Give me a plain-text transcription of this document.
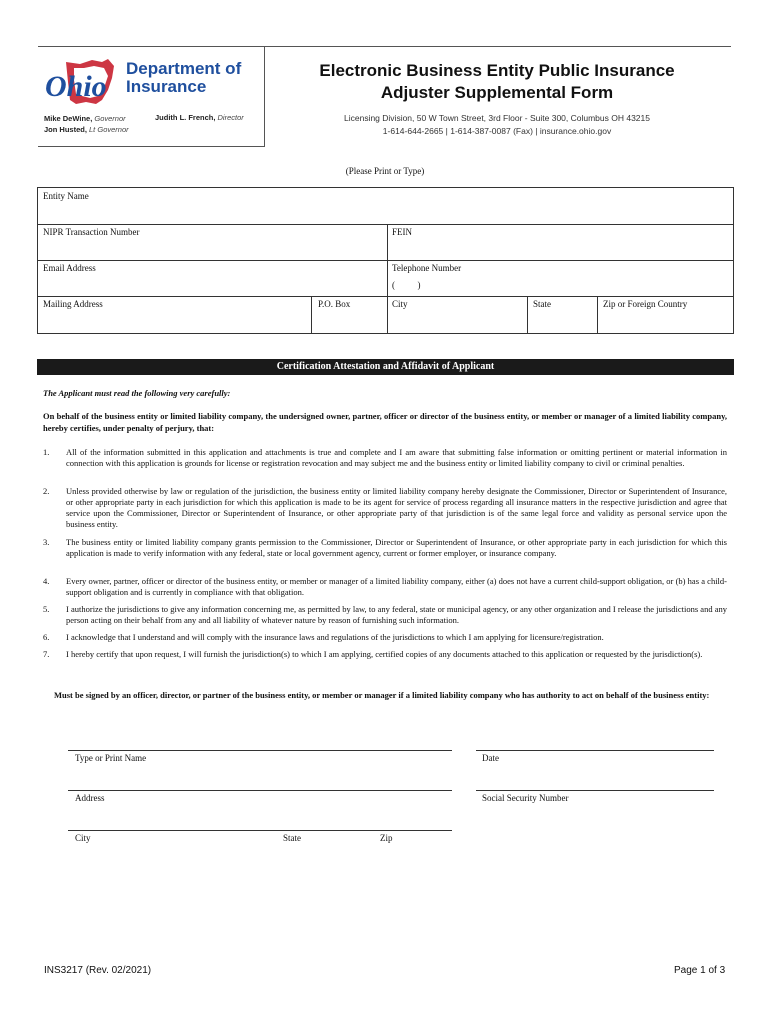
Ohio
Department of
Insurance
Mike DeWine, Governor
Jon Husted, Lt Governor
Judith L. French, Director
Electronic Business Entity Public Insurance
Adjuster Supplemental Form
Licensing Division, 50 W Town Street, 3rd Floor - Suite 300, Columbus OH 43215
1-614-644-2665 | 1-614-387-0087 (Fax) | insurance.ohio.gov
(Please Print or Type)
Entity Name
NIPR Transaction Number	FEIN
Email Address	Telephone Number
(          )
Mailing Address	P.O. Box	City	State	Zip or Foreign Country
Certification Attestation and Affidavit of Applicant
The Applicant must read the following very carefully:
On behalf of the business entity or limited liability company, the undersigned owner, partner, officer or director of the business entity, or member or manager of a limited liability company, hereby certifies, under penalty of perjury, that:
1. All of the information submitted in this application and attachments is true and complete and I am aware that submitting false information or omitting pertinent or material information in connection with this application is grounds for license or registration revocation and may subject me and the business entity or limited liability company to civil or criminal penalties.
2. Unless provided otherwise by law or regulation of the jurisdiction, the business entity or limited liability company hereby designate the Commissioner, Director or Superintendent of Insurance, or other appropriate party in each jurisdiction for which this application is made to be its agent for service of process regarding all insurance matters in the respective jurisdiction and agree that service upon the Commissioner, Director or Superintendent of Insurance, or other appropriate party of that jurisdiction is of the same legal force and validity as personal service upon the business entity.
3. The business entity or limited liability company grants permission to the Commissioner, Director or Superintendent of Insurance, or other appropriate party in each jurisdiction for which this application is made to verify information with any federal, state or local government agency, current or former employer, or insurance company.
4. Every owner, partner, officer or director of the business entity, or member or manager of a limited liability company, either (a) does not have a current child-support obligation, or (b) has a child-support obligation and is currently in compliance with that obligation.
5. I authorize the jurisdictions to give any information concerning me, as permitted by law, to any federal, state or municipal agency, or any other organization and I release the jurisdictions and any person acting on their behalf from any and all liability of whatever nature by reason of furnishing such information.
6. I acknowledge that I understand and will comply with the insurance laws and regulations of the jurisdictions to which I am applying for licensure/registration.
7. I hereby certify that upon request, I will furnish the jurisdiction(s) to which I am applying, certified copies of any documents attached to this application or requested by the jurisdiction(s).
Must be signed by an officer, director, or partner of the business entity, or member or manager if a limited liability company who has authority to act on behalf of the business entity:
Type or Print Name	Date
Address	Social Security Number
City	State	Zip
INS3217 (Rev. 02/2021)	Page 1 of 3
